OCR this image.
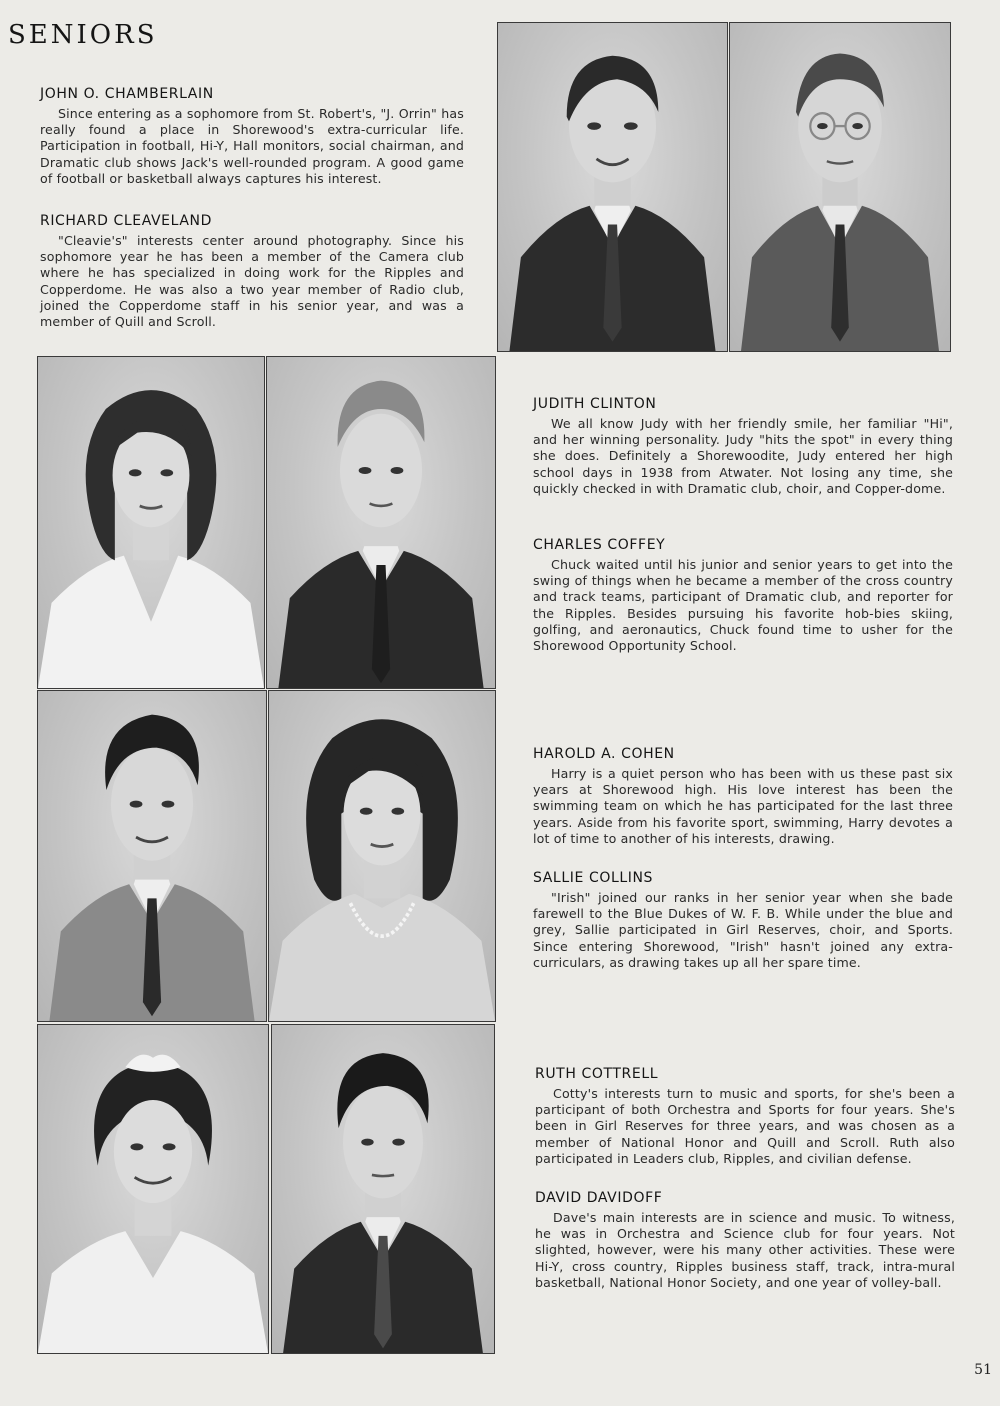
SENIORS
JOHN O. CHAMBERLAIN

Since entering as a sophomore from St. Robert's, "J. Orrin" has really found a place in Shorewood's extra-curricular life. Participation in football, Hi-Y, Hall monitors, social chairman, and Dramatic club shows Jack's well-rounded program. A good game of football or basketball always captures his interest.

RICHARD CLEAVELAND

"Cleavie's" interests center around photography. Since his sophomore year he has been a member of the Camera club where he has specialized in doing work for the Ripples and Copperdome. He was also a two year member of Radio club, joined the Copperdome staff in his senior year, and was a member of Quill and Scroll.

JUDITH CLINTON

We all know Judy with her friendly smile, her familiar "Hi", and her winning personality. Judy "hits the spot" in every thing she does. Definitely a Shorewoodite, Judy entered her high school days in 1938 from Atwater. Not losing any time, she quickly checked in with Dramatic club, choir, and Copper-dome.

CHARLES COFFEY

Chuck waited until his junior and senior years to get into the swing of things when he became a member of the cross country and track teams, participant of Dramatic club, and reporter for the Ripples. Besides pursuing his favorite hob-bies skiing, golfing, and aeronautics, Chuck found time to usher for the Shorewood Opportunity School.

HAROLD A. COHEN

Harry is a quiet person who has been with us these past six years at Shorewood high. His love interest has been the swimming team on which he has participated for the last three years. Aside from his favorite sport, swimming, Harry devotes a lot of time to another of his interests, drawing.

SALLIE COLLINS

"Irish" joined our ranks in her senior year when she bade farewell to the Blue Dukes of W. F. B. While under the blue and grey, Sallie participated in Girl Reserves, choir, and Sports. Since entering Shorewood, "Irish" hasn't joined any extra-curriculars, as drawing takes up all her spare time.

RUTH COTTRELL

Cotty's interests turn to music and sports, for she's been a participant of both Orchestra and Sports for four years. She's been in Girl Reserves for three years, and was chosen as a member of National Honor and Quill and Scroll. Ruth also participated in Leaders club, Ripples, and civilian defense.

DAVID DAVIDOFF

Dave's main interests are in science and music. To witness, he was in Orchestra and Science club for four years. Not slighted, however, were his many other activities. These were Hi-Y, cross country, Ripples business staff, track, intra-mural basketball, National Honor Society, and one year of volley-ball.

51
